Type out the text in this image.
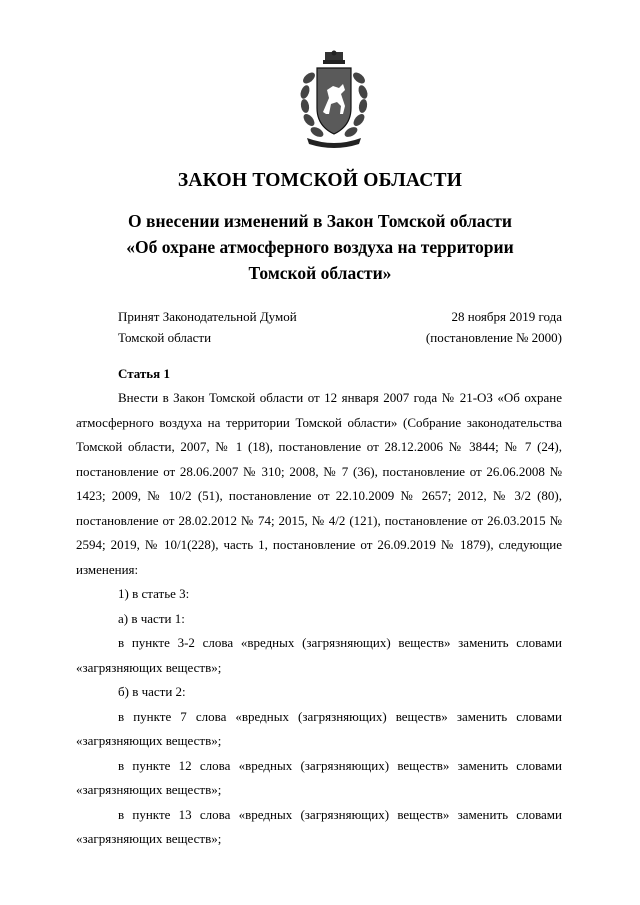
ЗАКОН ТОМСКОЙ ОБЛАСТИ
О внесении изменений в Закон Томской области
«Об охране атмосферного воздуха на территории
Томской области»
Принят Законодательной Думой
Томской области
28 ноября 2019 года
(постановление № 2000)
Статья 1

Внести в Закон Томской области от 12 января 2007 года № 21-ОЗ «Об охране атмосферного воздуха на территории Томской области» (Собрание законодательства Томской области, 2007, № 1 (18), постановление от 28.12.2006 № 3844; № 7 (24), постановление от 28.06.2007 № 310; 2008, № 7 (36), постановление от 26.06.2008 № 1423; 2009, № 10/2 (51), постановление от 22.10.2009 № 2657; 2012, № 3/2 (80), постановление от 28.02.2012 № 74; 2015, № 4/2 (121), постановление от 26.03.2015 № 2594; 2019, № 10/1(228), часть 1, постановление от 26.09.2019 № 1879), следующие изменения:

1) в статье 3:

а) в части 1:

в пункте 3-2 слова «вредных (загрязняющих) веществ» заменить словами «загрязняющих веществ»;

б) в части 2:

в пункте 7 слова «вредных (загрязняющих) веществ» заменить словами «загрязняющих веществ»;

в пункте 12 слова «вредных (загрязняющих) веществ» заменить словами «загрязняющих веществ»;

в пункте 13 слова «вредных (загрязняющих) веществ» заменить словами «загрязняющих веществ»;
